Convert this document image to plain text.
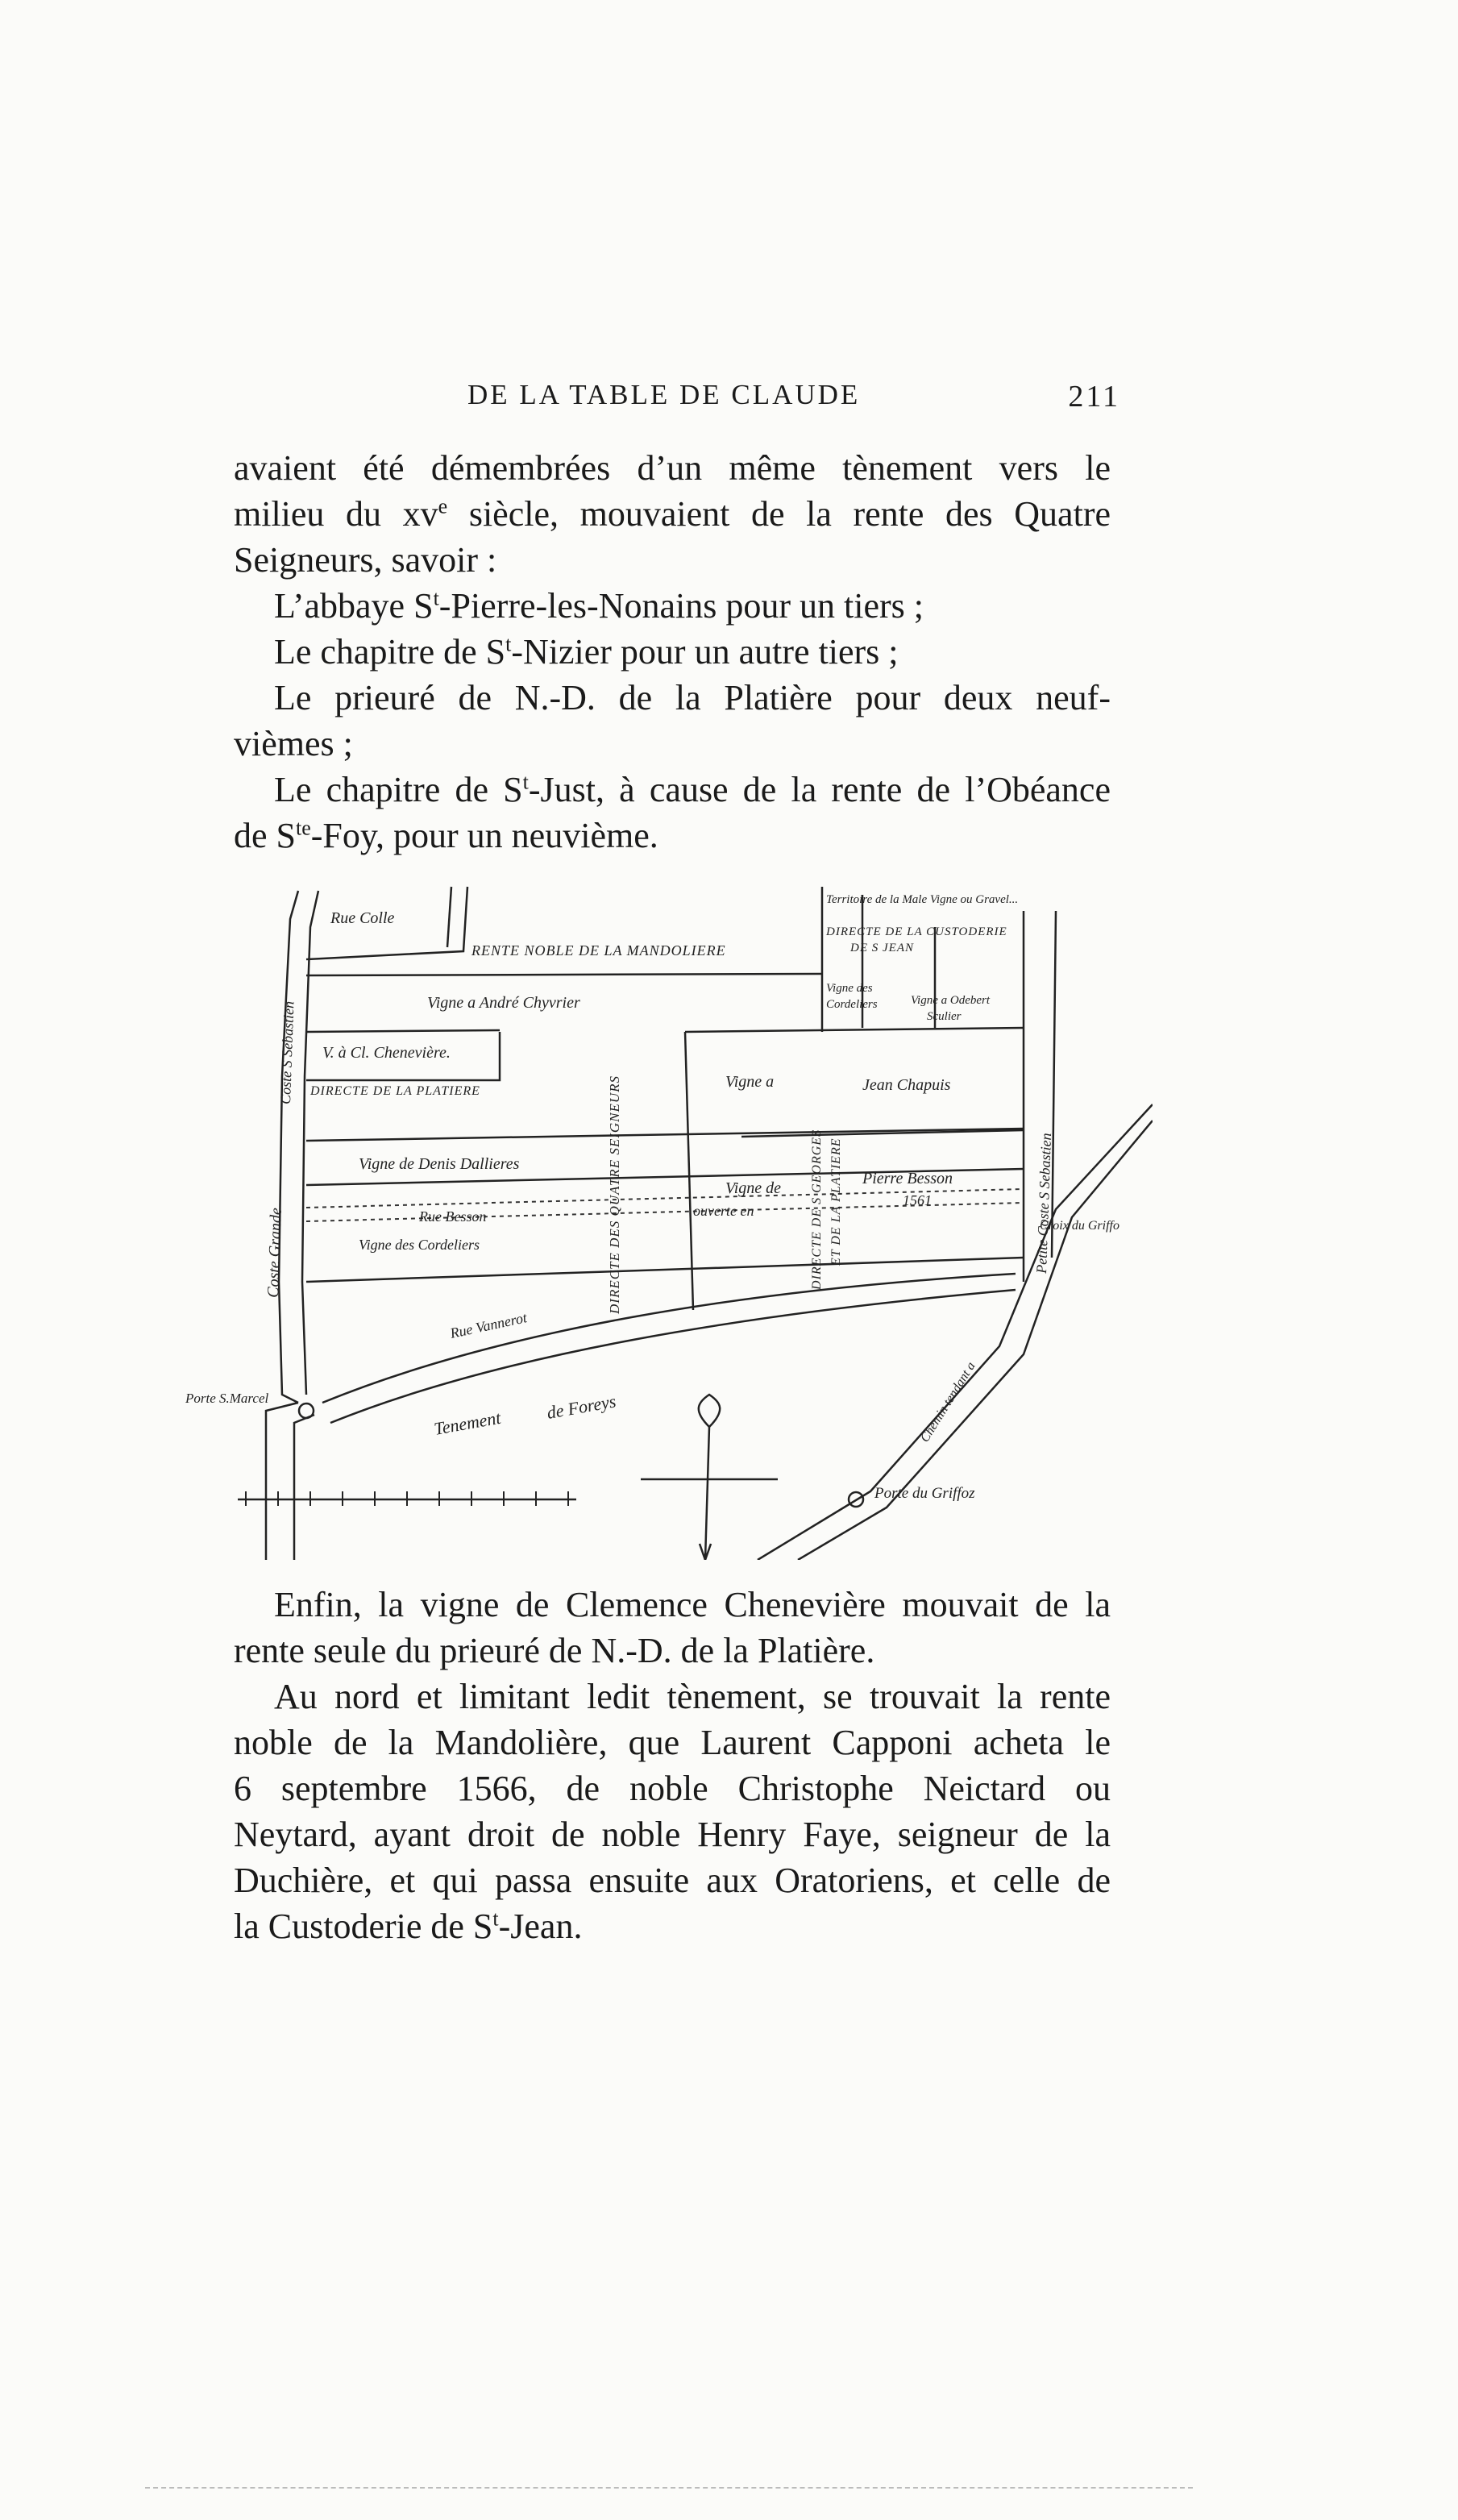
DE LA TABLE DE CLAUDE	211

avaient été démembrées d’un même tènement vers le
milieu du $xv^e$ siècle, mouvaient de la rente des Quatre
Seigneurs, savoir :

L’abbaye $S^t-Pierre-les$-Nonains pour un tiers ;

Le chapitre de $S^t$-Nizier pour un autre tiers ;

Le prieuré de N.-D. de la Platière pour deux neuf-

vièmes ;

Le chapitre de $S^t$-Just, à cause de la rente de l’Obéance

de $S^{te}$-Foy, pour un neuvième.

Rue Colle
RENTE NOBLE DE LA MANDOLIERE
Vigne a André Chyvrier
Territoire de la Male Vigne ou Gravel...
DIRECTE DE LA CUSTODERIE
DE S JEAN
Vigne des
Cordeliers	Vigne a Odebert
Sculier
V. à Cl. Chenevière.
DIRECTE DE LA PLATIERE
Vigne a	Jean Chapuis
Vigne de Denis Dallieres	DIRECTE DES QUATRE SEIGNEURS	DIRECTE DE S GEORGES ET DE LA PLATIERE
Vigne de
Pierre Besson
Rue Besson	ouverte en
1561
Vigne des Cordeliers
Rue Vannerot
Coste Grande
Coste S Sebastien
Petite Coste S Sebastien
Croix du Griffo
Porte S.Marcel
Tenement
de Foreys	Chemin tendant a
Porte du Griffoz

Enfin, la vigne de Clemence Chenevière mouvait de la

rente seule du prieuré de N.-D. de la Platière.

Au nord et limitant ledit tènement, se trouvait la rente

noble de la Mandolière, que Laurent Capponi acheta le
6 septembre 1566, de noble Christophe Neictard ou
Neytard, ayant droit de noble Henry Faye, seigneur de la
Duchière, et qui passa ensuite aux Oratoriens, et celle de
la Custoderie de $S^t$-Jean.
